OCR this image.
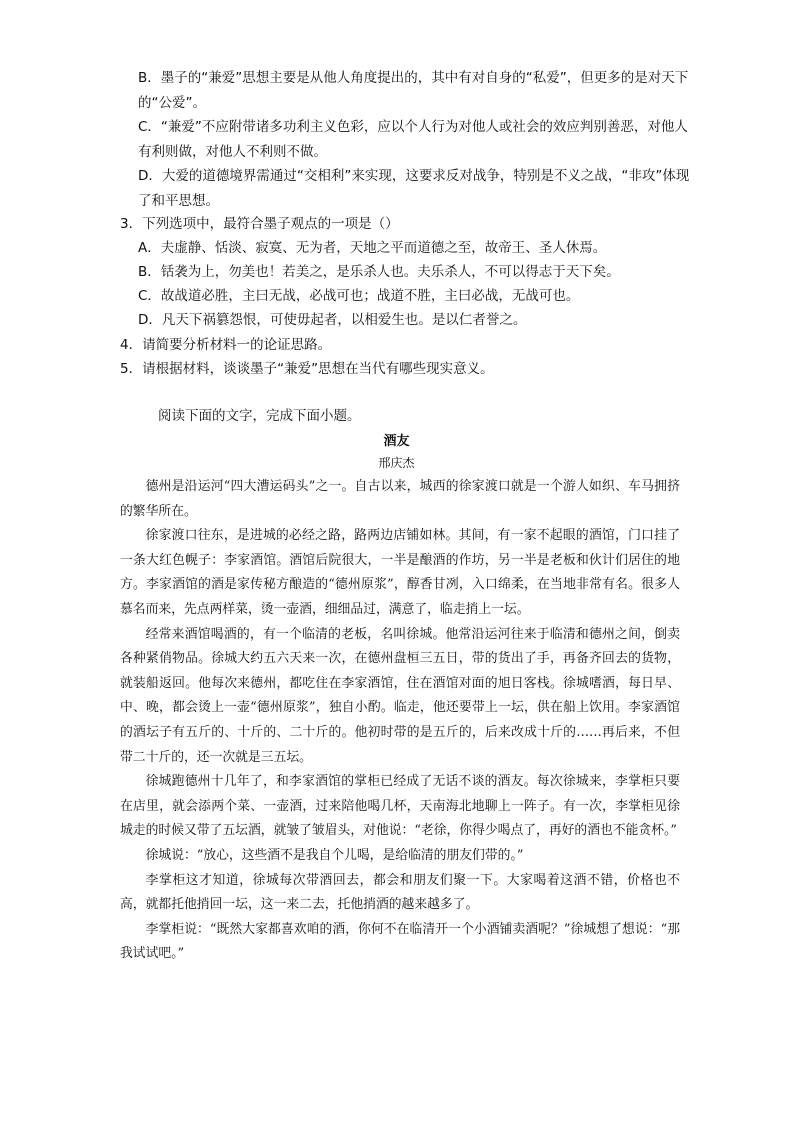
B．墨子的“兼爱”思想主要是从他人角度提出的，其中有对自身的“私爱”，但更多的是对天下的“公爱”。
C．“兼爱”不应附带诸多功利主义色彩，应以个人行为对他人或社会的效应判别善恶，对他人有利则做，对他人不利则不做。
D．大爱的道德境界需通过“交相利”来实现，这要求反对战争，特别是不义之战，“非攻”体现了和平思想。
3．下列选项中，最符合墨子观点的一项是（）
A．夫虚静、恬淡、寂寞、无为者，天地之平而道德之至，故帝王、圣人休焉。
B．铦袭为上，勿美也！若美之，是乐杀人也。夫乐杀人，不可以得志于天下矣。
C．故战道必胜，主曰无战，必战可也；战道不胜，主曰必战，无战可也。
D．凡天下祸篡怨恨，可使毋起者，以相爱生也。是以仁者誉之。
4．请简要分析材料一的论证思路。
5．请根据材料，谈谈墨子“兼爱”思想在当代有哪些现实意义。
阅读下面的文字，完成下面小题。
酒友
邢庆杰

德州是沿运河“四大漕运码头”之一。自古以来，城西的徐家渡口就是一个游人如织、车马拥挤的繁华所在。

徐家渡口往东，是进城的必经之路，路两边店铺如林。其间，有一家不起眼的酒馆，门口挂了一条大红色幌子：李家酒馆。酒馆后院很大，一半是酿酒的作坊，另一半是老板和伙计们居住的地方。李家酒馆的酒是家传秘方酿造的“德州原浆”，醇香甘冽，入口绵柔，在当地非常有名。很多人慕名而来，先点两样菜，烫一壶酒，细细品过，满意了，临走捎上一坛。

经常来酒馆喝酒的，有一个临清的老板，名叫徐城。他常沿运河往来于临清和德州之间，倒卖各种紧俏物品。徐城大约五六天来一次，在德州盘桓三五日，带的货出了手，再备齐回去的货物，就装船返回。他每次来德州，都吃住在李家酒馆，住在酒馆对面的旭日客栈。徐城嗜酒，每日早、中、晚，都会烫上一壶“德州原浆”，独自小酌。临走，他还要带上一坛，供在船上饮用。李家酒馆的酒坛子有五斤的、十斤的、二十斤的。他初时带的是五斤的，后来改成十斤的……再后来，不但带二十斤的，还一次就是三五坛。

徐城跑德州十几年了，和李家酒馆的掌柜已经成了无话不谈的酒友。每次徐城来，李掌柜只要在店里，就会添两个菜、一壶酒，过来陪他喝几杯，天南海北地聊上一阵子。有一次，李掌柜见徐城走的时候又带了五坛酒，就皱了皱眉头，对他说：“老徐，你得少喝点了，再好的酒也不能贪杯。”

徐城说：“放心，这些酒不是我自个儿喝，是给临清的朋友们带的。”

李掌柜这才知道，徐城每次带酒回去，都会和朋友们聚一下。大家喝着这酒不错，价格也不高，就都托他捎回一坛，这一来二去，托他捎酒的越来越多了。

李掌柜说：“既然大家都喜欢咱的酒，你何不在临清开一个小酒铺卖酒呢？”徐城想了想说：“那我试试吧。”
